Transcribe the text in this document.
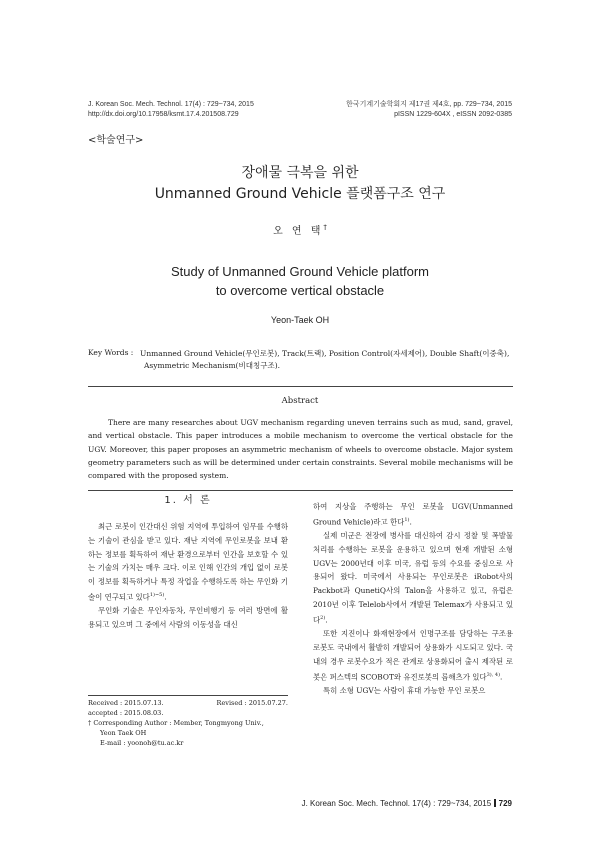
J. Korean Soc. Mech. Technol. 17(4) : 729~734, 2015
http://dx.doi.org/10.17958/ksmt.17.4.201508.729
한국기계기술학회지 제17권 제4호, pp. 729~734, 2015
pISSN 1229-604X , eISSN 2092-0385
<학술연구>
장애물 극복을 위한
Unmanned Ground Vehicle 플랫폼구조 연구
오 연 택†
Study of Unmanned Ground Vehicle platform
to overcome vertical obstacle
Yeon-Taek OH
Key Words : Unmanned Ground Vehicle(무인로봇), Track(트랙), Position Control(자세제어), Double Shaft(이중축), Asymmetric Mechanism(비대칭구조).
Abstract
There are many researches about UGV mechanism regarding uneven terrains such as mud, sand, gravel, and vertical obstacle. This paper introduces a mobile mechanism to overcome the vertical obstacle for the UGV. Moreover, this paper proposes an asymmetric mechanism of wheels to overcome obstacle. Major system geometry parameters such as will be determined under certain constraints. Several mobile mechanisms will be compared with the proposed system.
1. 서 론

최근 로봇이 인간대신 위험 지역에 투입하여 임무를 수행하는 기술이 관심을 받고 있다. 재난 지역에 무인로봇을 보내 환하는 정보를 획득하여 재난 환경으로부터 인간을 보호할 수 있는 기술의 가치는 매우 크다. 이로 인해 인간의 개입 없이 로봇이 정보를 획득하거나 특정 작업을 수행하도록 하는 무인화 기술이 연구되고 있다$^{1)\sim 5)}$.

무인화 기술은 무인자동차, 무인비행기 등 여러 방면에 활용되고 있으며 그 중에서 사람의 이동성을 대신

Received : 2015.07.13.	Revised : 2015.07.27.
accepted : 2015.08.03.
† Corresponding Author : Member, Tongmyong Univ.,
Yeon Taek OH
E-mail : yoonoh@tu.ac.kr

하여 지상을 주행하는 무인 로봇을 UGV(Unmanned Ground Vehicle)라고 한다$^{1)}$.

실제 미군은 전장에 병사를 대신하여 감시 정찰 및 폭발물 처리를 수행하는 로봇을 운용하고 있으며 현재 개발된 소형 UGV는 2000년대 이후 미국, 유럽 등의 수요를 중심으로 사용되어 왔다. 미국에서 사용되는 무인로봇은 iRobot사의 Packbot과 QunetiQ사의 Talon을 사용하고 있고, 유럽은 2010년 이후 Telelob사에서 개발된 Telemax가 사용되고 있다$^{2)}$.

또한 지진이나 화재현장에서 인명구조를 담당하는 구조용 로봇도 국내에서 활발히 개발되어 상용화가 시도되고 있다. 국내의 경우 로봇수요가 적은 관계로 상용화되어 출시 제작된 로봇은 퍼스텍의 SCOBOT와 유진로봇의 롭해츠가 있다$^{3), 4)}$.

특히 소형 UGV는 사람이 휴대 가능한 무인 로봇으

J. Korean Soc. Mech. Technol. 17(4) : 729~734, 2015 729
